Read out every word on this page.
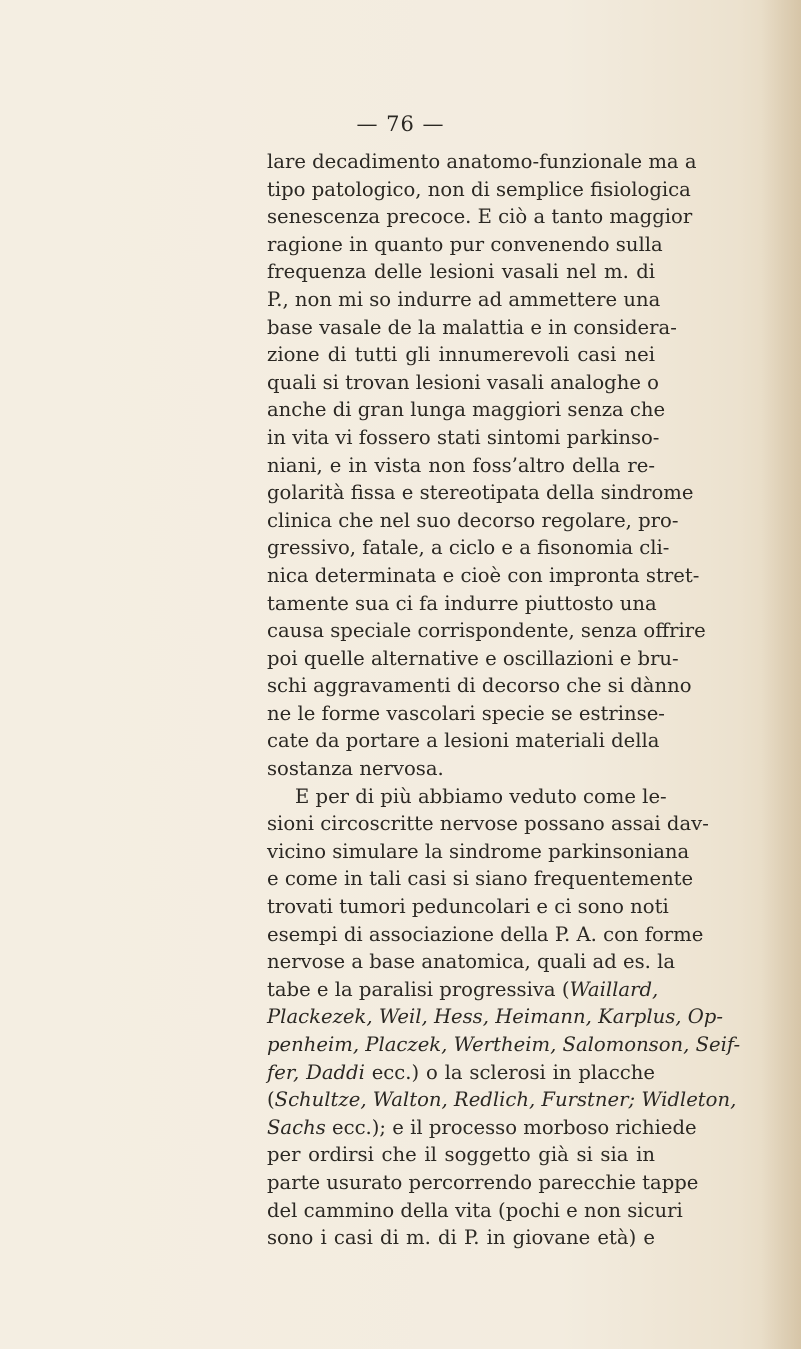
— 76 —
lare decadimento anatomo-funzionale ma a
tipo patologico, non di semplice fisiologica
senescenza precoce. E ciò a tanto maggior
ragione in quanto pur convenendo sulla
frequenza delle lesioni vasali nel m. di
P., non mi so indurre ad ammettere una
base vasale de la malattia e in considera-
zione di tutti gli innumerevoli casi nei
quali si trovan lesioni vasali analoghe o
anche di gran lunga maggiori senza che
in vita vi fossero stati sintomi parkinso-
niani, e in vista non foss’altro della re-
golarità fissa e stereotipata della sindrome
clinica che nel suo decorso regolare, pro-
gressivo, fatale, a ciclo e a fisonomia cli-
nica determinata e cioè con impronta stret-
tamente sua ci fa indurre piuttosto una
causa speciale corrispondente, senza offrire
poi quelle alternative e oscillazioni e bru-
schi aggravamenti di decorso che si dànno
ne le forme vascolari specie se estrinse-
cate da portare a lesioni materiali della
sostanza nervosa.
E per di più abbiamo veduto come le-
sioni circoscritte nervose possano assai dav-
vicino simulare la sindrome parkinsoniana
e come in tali casi si siano frequentemente
trovati tumori peduncolari e ci sono noti
esempi di associazione della P. A. con forme
nervose a base anatomica, quali ad es. la
tabe e la paralisi progressiva (Waillard,
Plackezek, Weil, Hess, Heimann, Karplus, Op-
penheim, Placzek, Wertheim, Salomonson, Seif-
fer, Daddi ecc.) o la sclerosi in placche
(Schultze, Walton, Redlich, Furstner; Widleton,
Sachs ecc.); e il processo morboso richiede
per ordirsi che il soggetto già si sia in
parte usurato percorrendo parecchie tappe
del cammino della vita (pochi e non sicuri
sono i casi di m. di P. in giovane età) e
